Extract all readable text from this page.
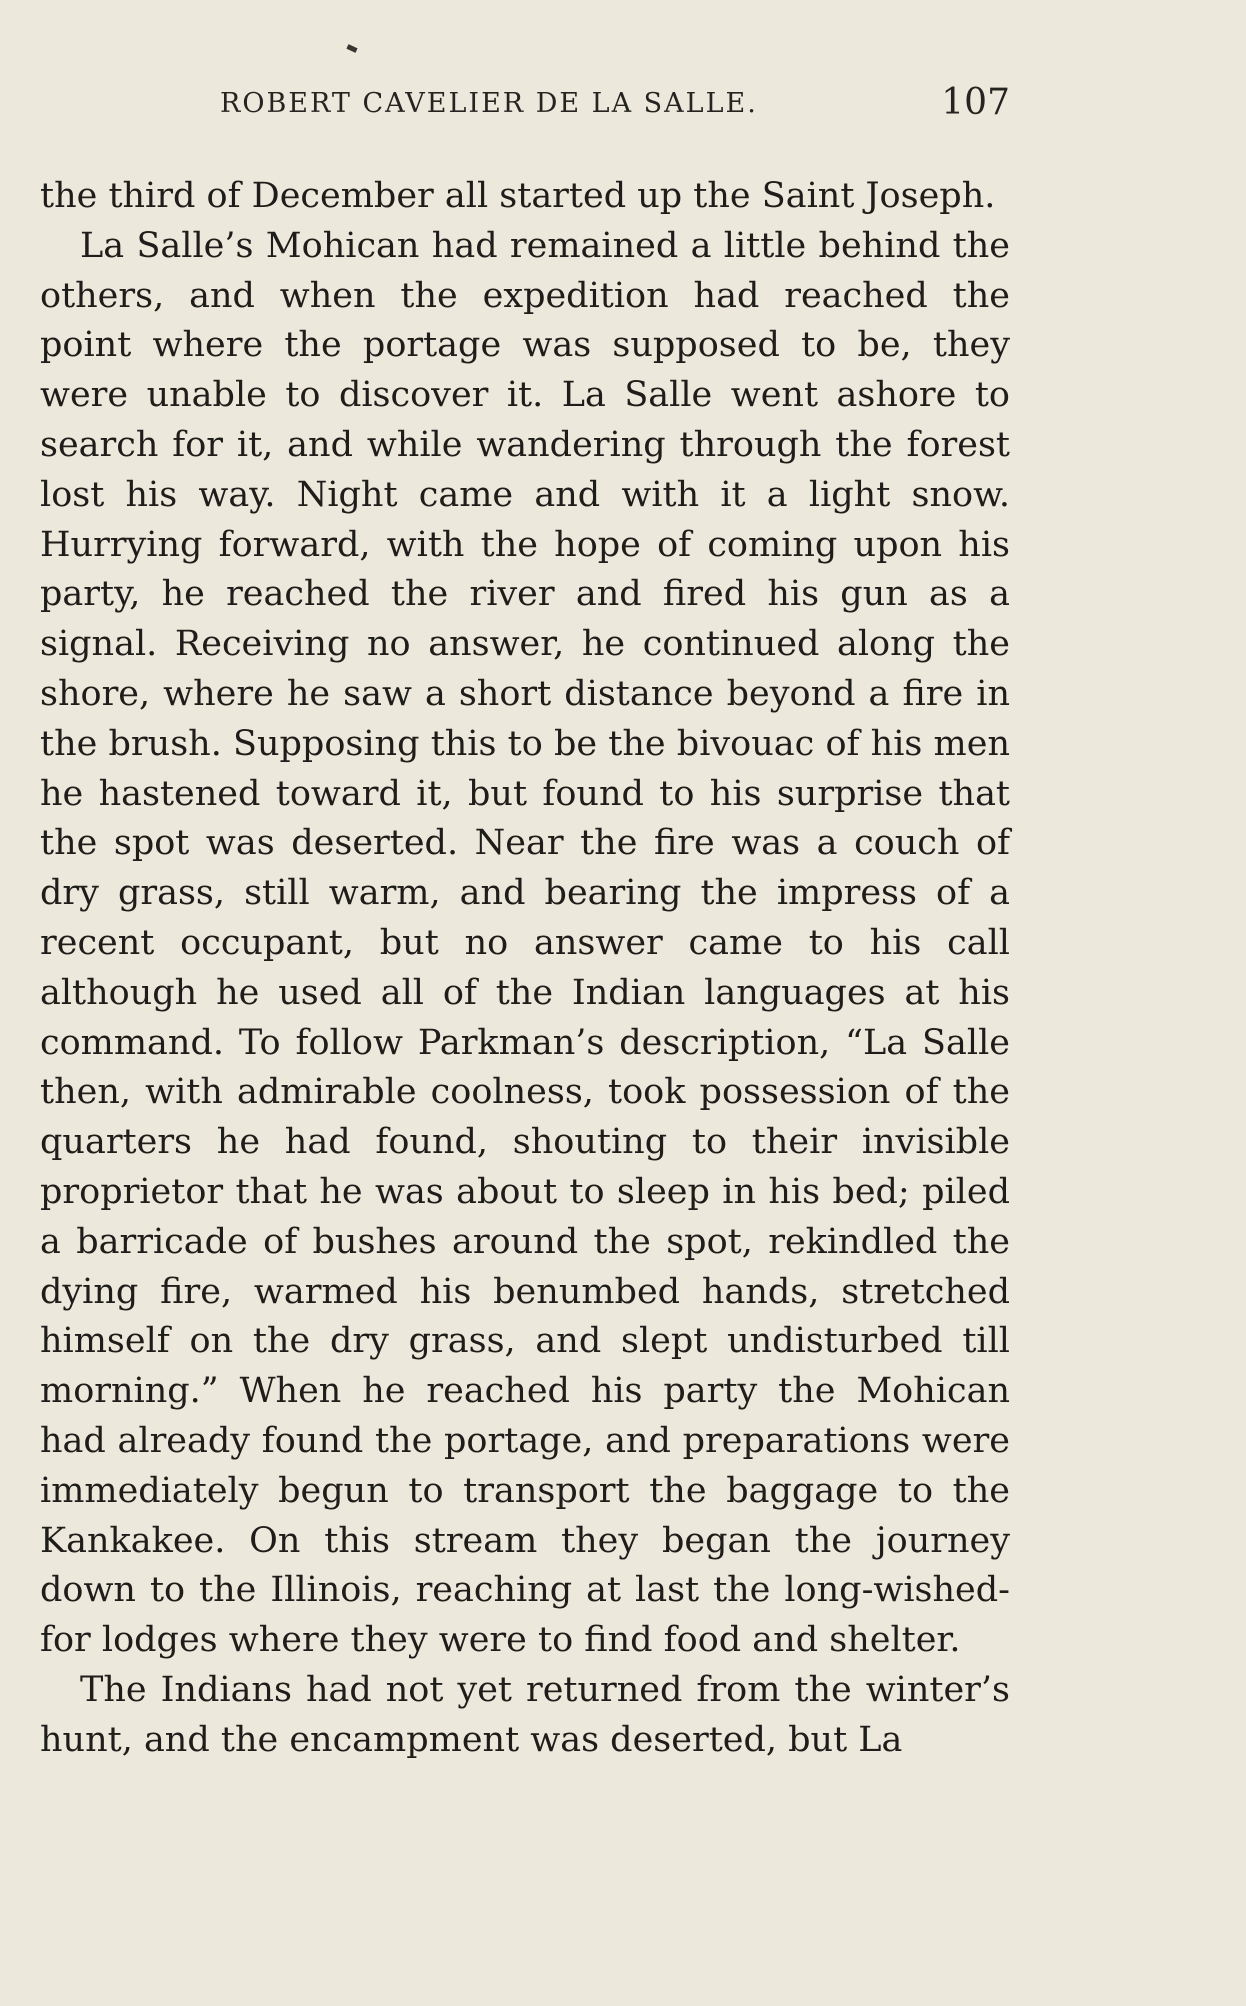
ROBERT CAVELIER DE LA SALLE.	107

the third of December all started up the Saint Joseph.

La Salle’s Mohican had remained a little behind the others, and when the expedition had reached the point where the portage was supposed to be, they were unable to discover it. La Salle went ashore to search for it, and while wandering through the forest lost his way. Night came and with it a light snow. Hurrying forward, with the hope of coming upon his party, he reached the river and fired his gun as a signal. Receiving no answer, he continued along the shore, where he saw a short distance beyond a fire in the brush. Supposing this to be the bivouac of his men he hastened toward it, but found to his surprise that the spot was deserted. Near the fire was a couch of dry grass, still warm, and bearing the impress of a recent occupant, but no answer came to his call although he used all of the Indian languages at his command. To follow Parkman’s description, “La Salle then, with admirable coolness, took possession of the quarters he had found, shouting to their invisible proprietor that he was about to sleep in his bed; piled a barricade of bushes around the spot, rekindled the dying fire, warmed his benumbed hands, stretched himself on the dry grass, and slept undisturbed till morning.” When he reached his party the Mohican had already found the portage, and preparations were immediately begun to transport the baggage to the Kankakee. On this stream they began the journey down to the Illinois, reaching at last the long-wished-for lodges where they were to find food and shelter.

The Indians had not yet returned from the winter’s hunt, and the encampment was deserted, but La
